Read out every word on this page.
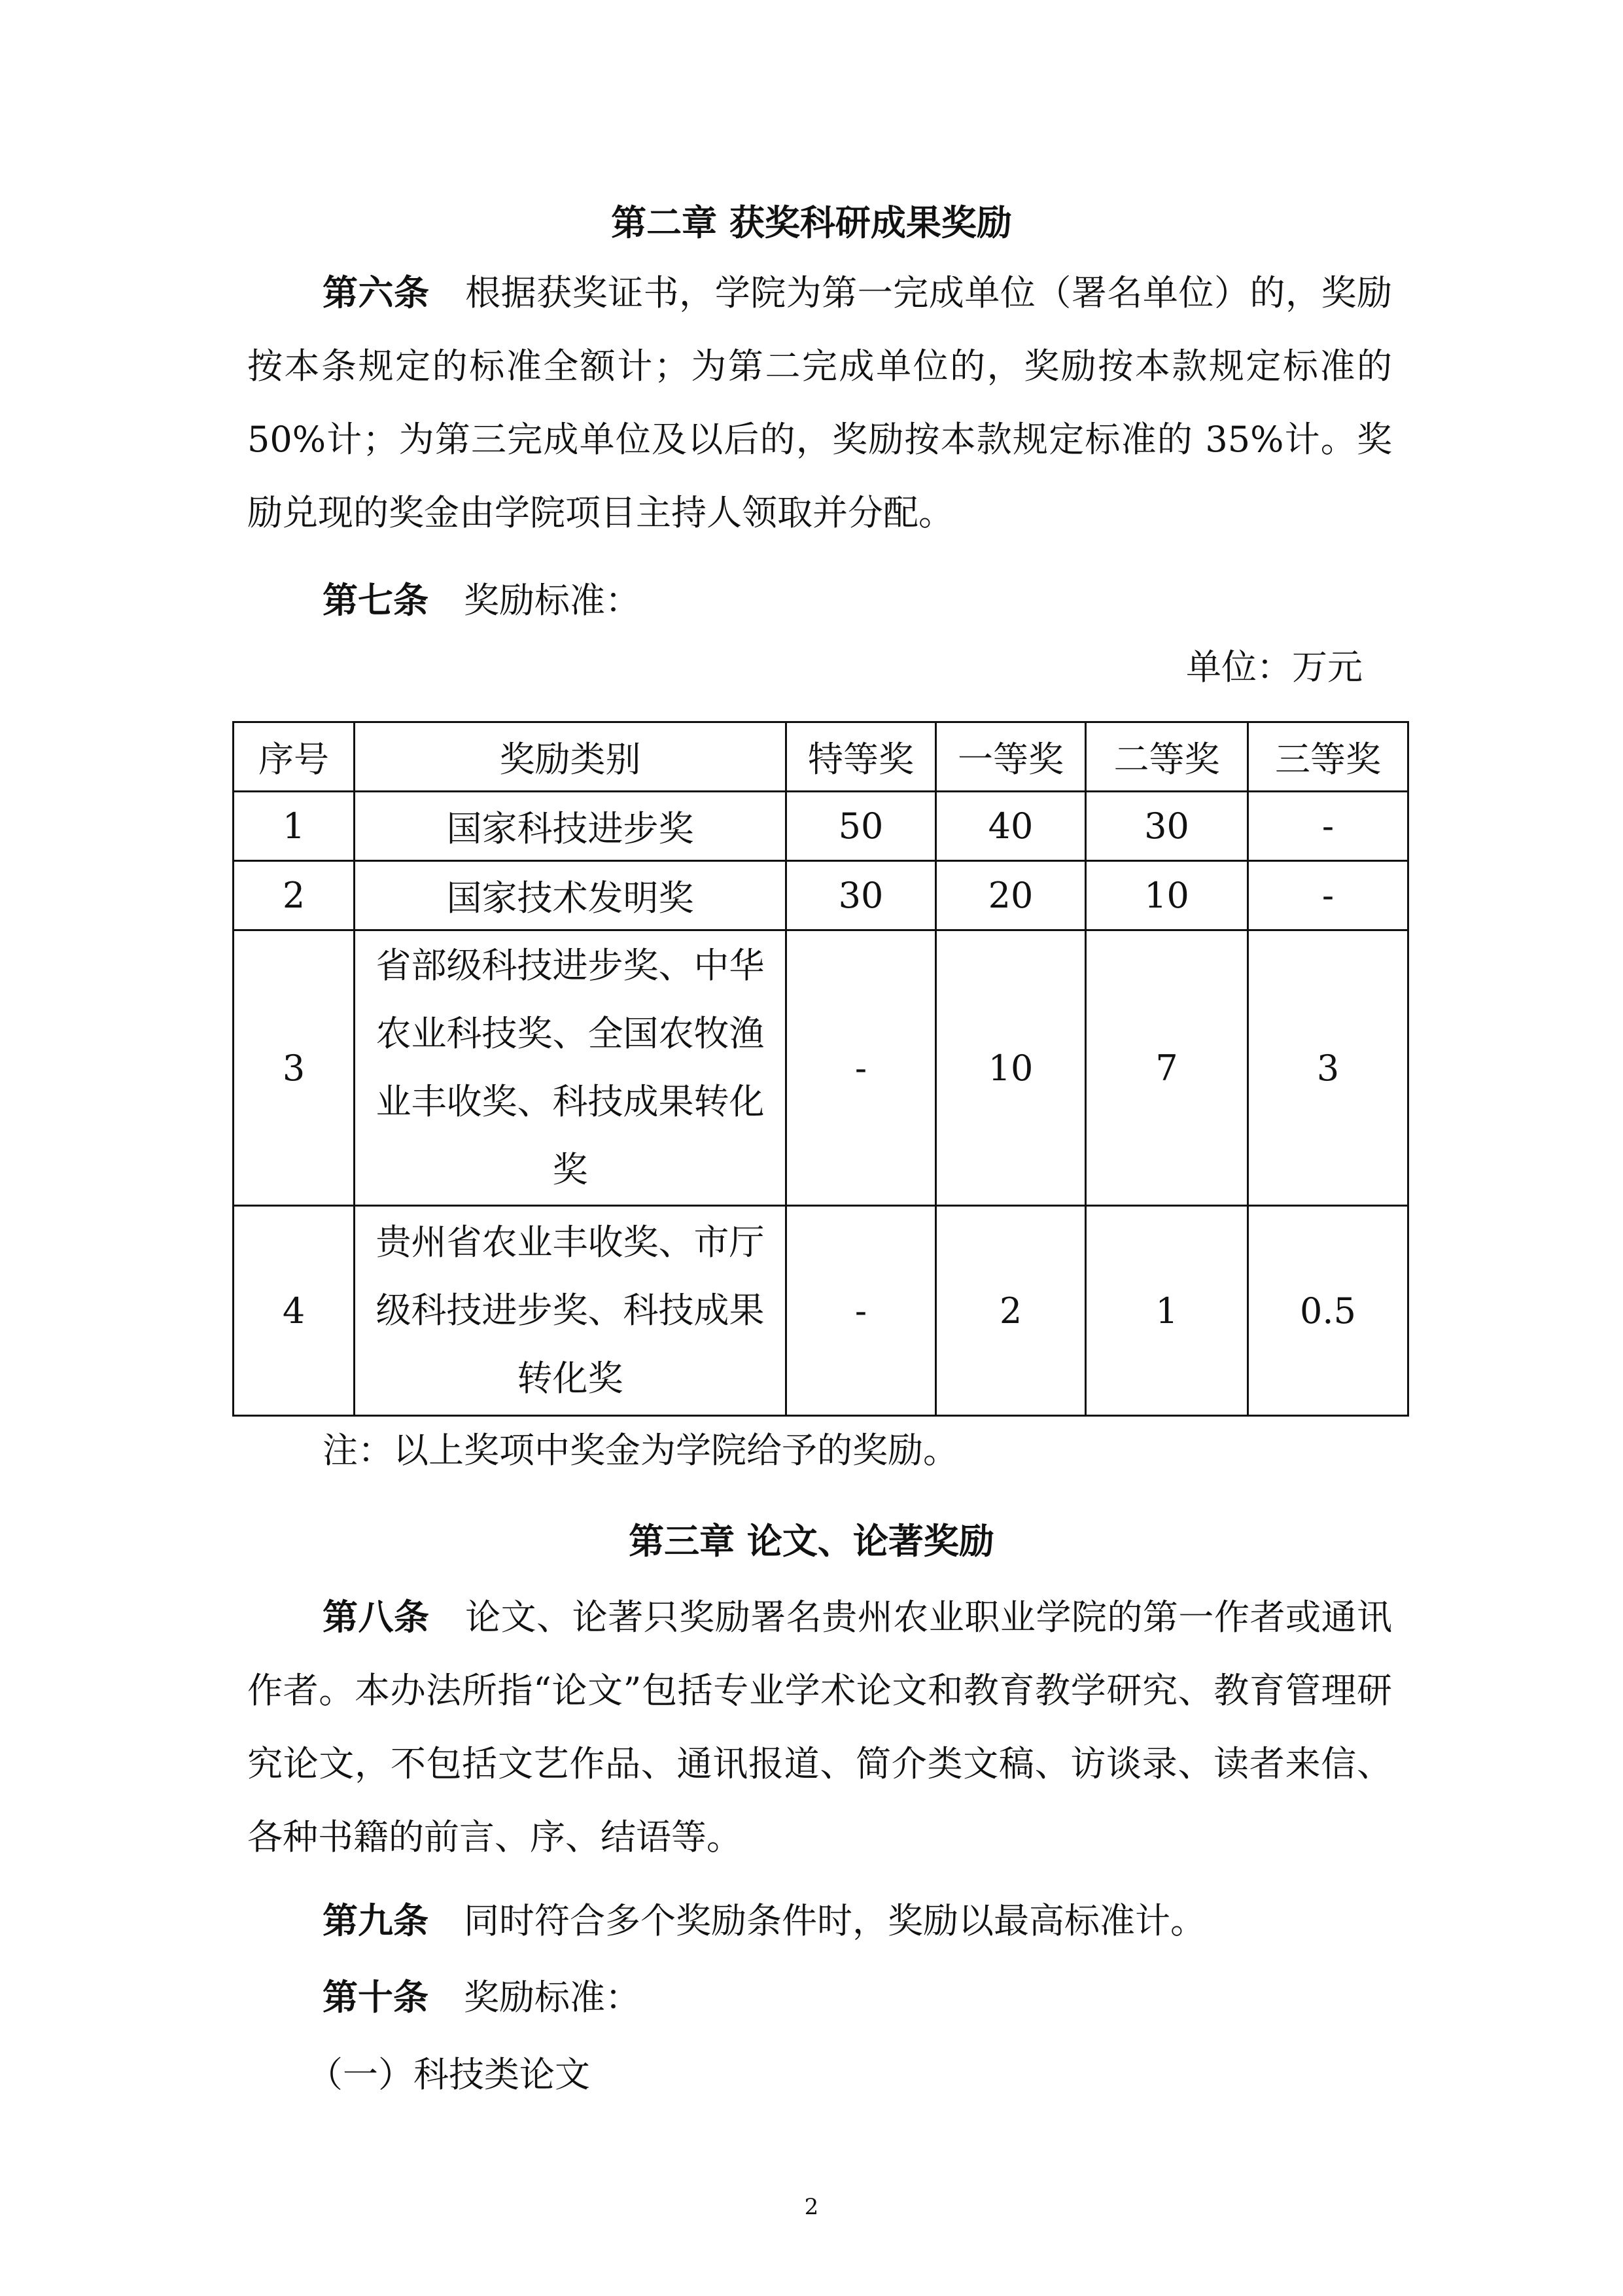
第二章 获奖科研成果奖励

第六条  根据获奖证书，学院为第一完成单位（署名单位）的，奖励按本条规定的标准全额计；为第二完成单位的，奖励按本款规定标准的 50%计；为第三完成单位及以后的，奖励按本款规定标准的 35%计。奖励兑现的奖金由学院项目主持人领取并分配。

第七条  奖励标准：

单位：万元

序号	奖励类别	特等奖	一等奖	二等奖	三等奖
1	国家科技进步奖	50	40	30	-
2	国家技术发明奖	30	20	10	-
3	省部级科技进步奖、中华农业科技奖、全国农牧渔业丰收奖、科技成果转化奖	-	10	7	3
4	贵州省农业丰收奖、市厅级科技进步奖、科技成果转化奖	-	2	1	0.5

注：以上奖项中奖金为学院给予的奖励。

第三章 论文、论著奖励

第八条  论文、论著只奖励署名贵州农业职业学院的第一作者或通讯作者。本办法所指“论文”包括专业学术论文和教育教学研究、教育管理研究论文，不包括文艺作品、通讯报道、简介类文稿、访谈录、读者来信、各种书籍的前言、序、结语等。

第九条  同时符合多个奖励条件时，奖励以最高标准计。

第十条  奖励标准：

（一）科技类论文

2
